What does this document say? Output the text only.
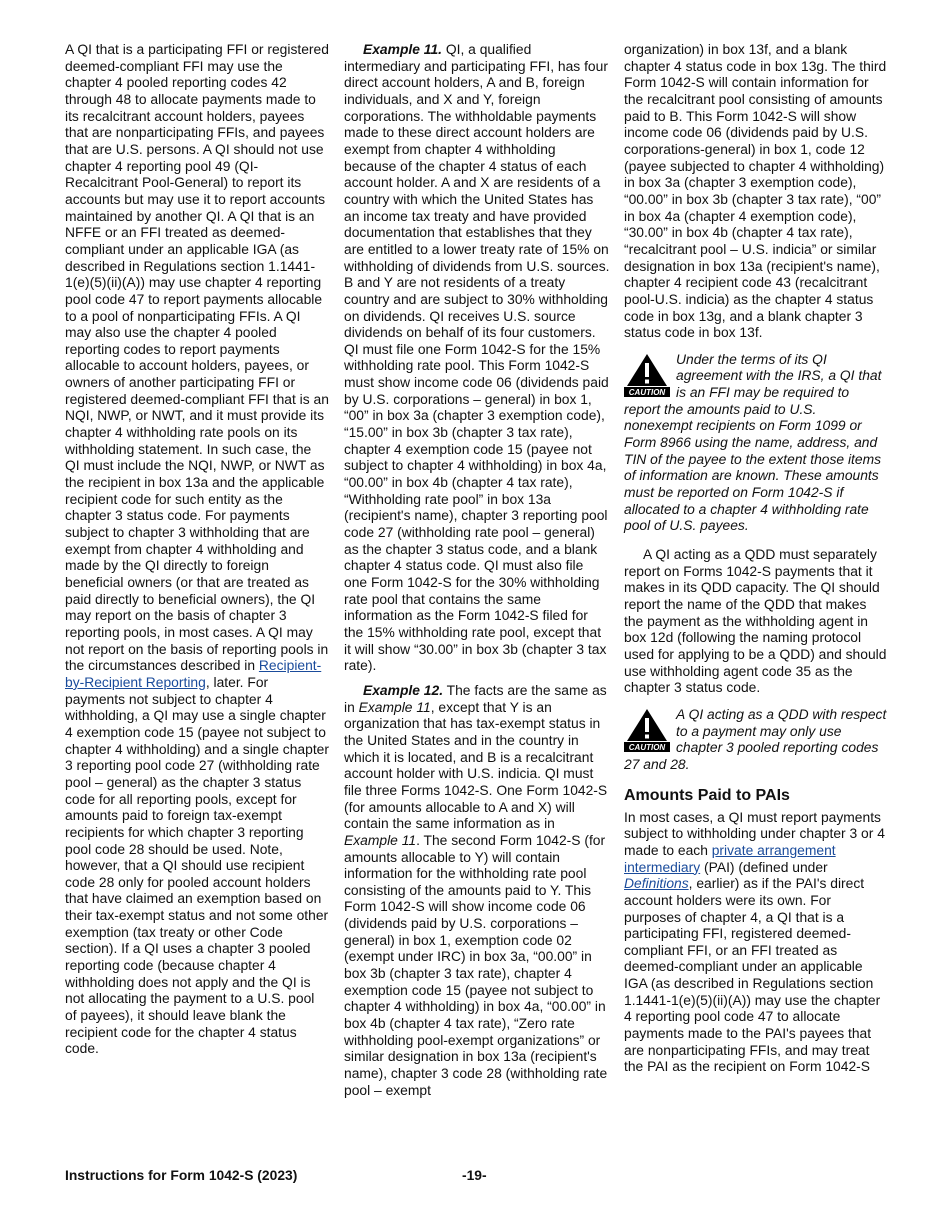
A QI that is a participating FFI or registered deemed-compliant FFI may use the chapter 4 pooled reporting codes 42 through 48 to allocate payments made to its recalcitrant account holders, payees that are nonparticipating FFIs, and payees that are U.S. persons. A QI should not use chapter 4 reporting pool 49 (QI-Recalcitrant Pool-General) to report its accounts but may use it to report accounts maintained by another QI. A QI that is an NFFE or an FFI treated as deemed-compliant under an applicable IGA (as described in Regulations section 1.1441-1(e)(5)(ii)(A)) may use chapter 4 reporting pool code 47 to report payments allocable to a pool of nonparticipating FFIs. A QI may also use the chapter 4 pooled reporting codes to report payments allocable to account holders, payees, or owners of another participating FFI or registered deemed-compliant FFI that is an NQI, NWP, or NWT, and it must provide its chapter 4 withholding rate pools on its withholding statement. In such case, the QI must include the NQI, NWP, or NWT as the recipient in box 13a and the applicable recipient code for such entity as the chapter 3 status code. For payments subject to chapter 3 withholding that are exempt from chapter 4 withholding and made by the QI directly to foreign beneficial owners (or that are treated as paid directly to beneficial owners), the QI may report on the basis of chapter 3 reporting pools, in most cases. A QI may not report on the basis of reporting pools in the circumstances described in Recipient-by-Recipient Reporting, later. For payments not subject to chapter 4 withholding, a QI may use a single chapter 4 exemption code 15 (payee not subject to chapter 4 withholding) and a single chapter 3 reporting pool code 27 (withholding rate pool – general) as the chapter 3 status code for all reporting pools, except for amounts paid to foreign tax-exempt recipients for which chapter 3 reporting pool code 28 should be used. Note, however, that a QI should use recipient code 28 only for pooled account holders that have claimed an exemption based on their tax-exempt status and not some other exemption (tax treaty or other Code section). If a QI uses a chapter 3 pooled reporting code (because chapter 4 withholding does not apply and the QI is not allocating the payment to a U.S. pool of payees), it should leave blank the recipient code for the chapter 4 status code.

Example 11. QI, a qualified intermediary and participating FFI, has four direct account holders, A and B, foreign individuals, and X and Y, foreign corporations. The withholdable payments made to these direct account holders are exempt from chapter 4 withholding because of the chapter 4 status of each account holder. A and X are residents of a country with which the United States has an income tax treaty and have provided documentation that establishes that they are entitled to a lower treaty rate of 15% on withholding of dividends from U.S. sources. B and Y are not residents of a treaty country and are subject to 30% withholding on dividends. QI receives U.S. source dividends on behalf of its four customers. QI must file one Form 1042-S for the 15% withholding rate pool. This Form 1042-S must show income code 06 (dividends paid by U.S. corporations – general) in box 1, “00” in box 3a (chapter 3 exemption code), “15.00” in box 3b (chapter 3 tax rate), chapter 4 exemption code 15 (payee not subject to chapter 4 withholding) in box 4a, “00.00” in box 4b (chapter 4 tax rate), “Withholding rate pool” in box 13a (recipient's name), chapter 3 reporting pool code 27 (withholding rate pool – general) as the chapter 3 status code, and a blank chapter 4 status code. QI must also file one Form 1042-S for the 30% withholding rate pool that contains the same information as the Form 1042-S filed for the 15% withholding rate pool, except that it will show “30.00” in box 3b (chapter 3 tax rate).

Example 12. The facts are the same as in Example 11, except that Y is an organization that has tax-exempt status in the United States and in the country in which it is located, and B is a recalcitrant account holder with U.S. indicia. QI must file three Forms 1042-S. One Form 1042-S (for amounts allocable to A and X) will contain the same information as in Example 11. The second Form 1042-S (for amounts allocable to Y) will contain information for the withholding rate pool consisting of the amounts paid to Y. This Form 1042-S will show income code 06 (dividends paid by U.S. corporations – general) in box 1, exemption code 02 (exempt under IRC) in box 3a, “00.00” in box 3b (chapter 3 tax rate), chapter 4 exemption code 15 (payee not subject to chapter 4 withholding) in box 4a, “00.00” in box 4b (chapter 4 tax rate), “Zero rate withholding pool-exempt organizations” or similar designation in box 13a (recipient's name), chapter 3 code 28 (withholding rate pool – exempt

organization) in box 13f, and a blank chapter 4 status code in box 13g. The third Form 1042-S will contain information for the recalcitrant pool consisting of amounts paid to B. This Form 1042-S will show income code 06 (dividends paid by U.S. corporations-general) in box 1, code 12 (payee subjected to chapter 4 withholding) in box 3a (chapter 3 exemption code), “00.00” in box 3b (chapter 3 tax rate), “00” in box 4a (chapter 4 exemption code), “30.00” in box 4b (chapter 4 tax rate), “recalcitrant pool – U.S. indicia” or similar designation in box 13a (recipient's name), chapter 4 recipient code 43 (recalcitrant pool-U.S. indicia) as the chapter 4 status code in box 13g, and a blank chapter 3 status code in box 13f.

CAUTION
Under the terms of its QI agreement with the IRS, a QI that is an FFI may be required to report the amounts paid to U.S. nonexempt recipients on Form 1099 or Form 8966 using the name, address, and TIN of the payee to the extent those items of information are known. These amounts must be reported on Form 1042-S if allocated to a chapter 4 withholding rate pool of U.S. payees.

A QI acting as a QDD must separately report on Forms 1042-S payments that it makes in its QDD capacity. The QI should report the name of the QDD that makes the payment as the withholding agent in box 12d (following the naming protocol used for applying to be a QDD) and should use withholding agent code 35 as the chapter 3 status code.

CAUTION
A QI acting as a QDD with respect to a payment may only use chapter 3 pooled reporting codes 27 and 28.
Amounts Paid to PAIs

In most cases, a QI must report payments subject to withholding under chapter 3 or 4 made to each private arrangement intermediary (PAI) (defined under Definitions, earlier) as if the PAI's direct account holders were its own. For purposes of chapter 4, a QI that is a participating FFI, registered deemed-compliant FFI, or an FFI treated as deemed-compliant under an applicable IGA (as described in Regulations section 1.1441-1(e)(5)(ii)(A)) may use the chapter 4 reporting pool code 47 to allocate payments made to the PAI's payees that are nonparticipating FFIs, and may treat the PAI as the recipient on Form 1042-S

Instructions for Form 1042-S (2023)	-19-
